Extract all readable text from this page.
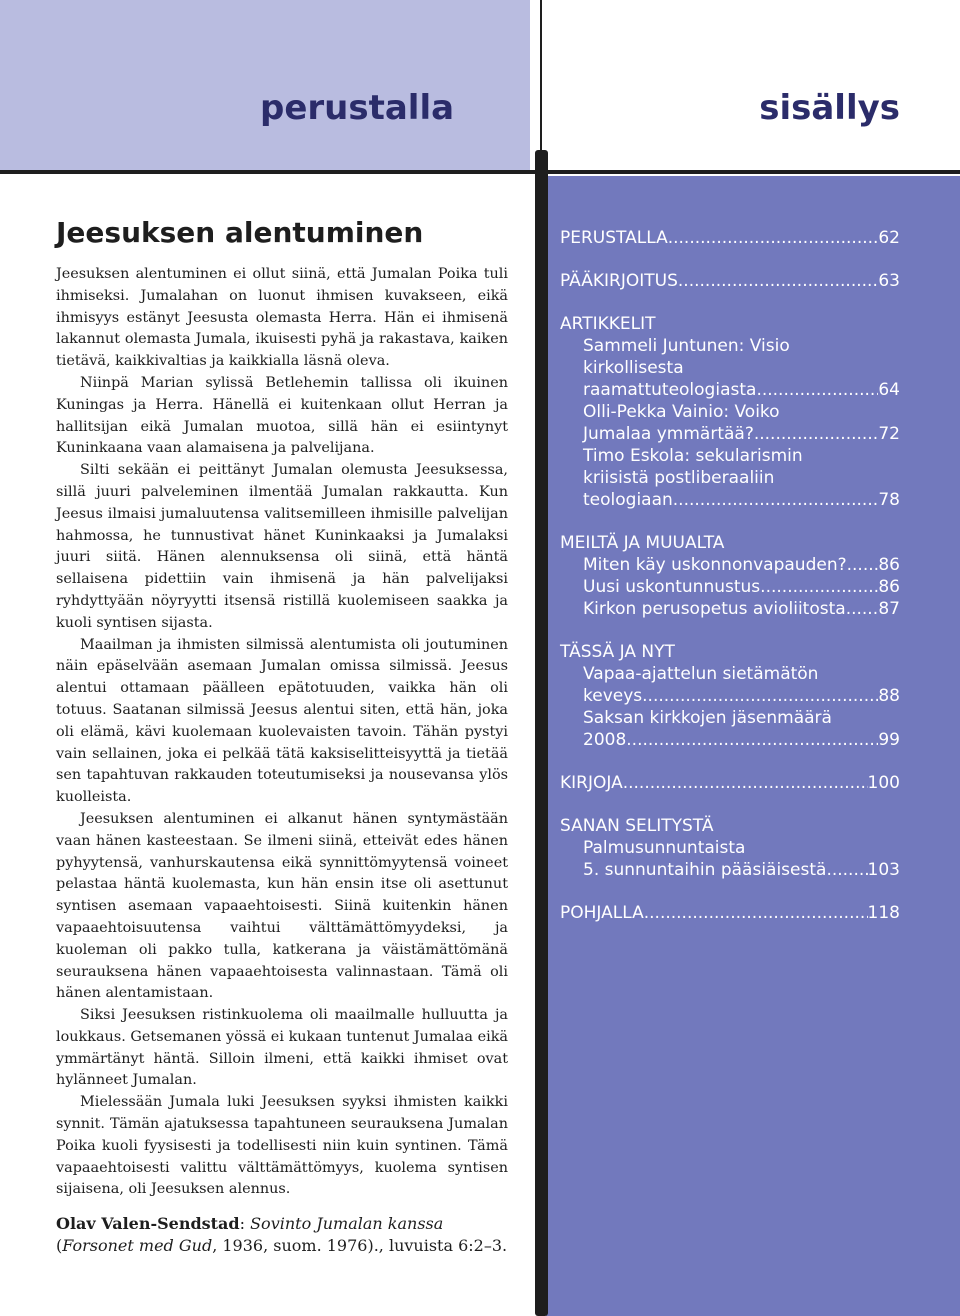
perustalla	sisällys
Jeesuksen alentuminen

Jeesuksen alentuminen ei ollut siinä, että Jumalan Poika tuli ihmiseksi. Jumalahan on luonut ihmisen kuvakseen, eikä ihmisyys estänyt Jeesusta olemasta Herra. Hän ei ihmisenä lakannut olemasta Jumala, ikuisesti pyhä ja rakastava, kaiken tietävä, kaikkivaltias ja kaikkialla läsnä oleva.

Niinpä Marian sylissä Betlehemin tallissa oli ikuinen Kuningas ja Herra. Hänellä ei kuitenkaan ollut Herran ja hallitsijan eikä Jumalan muotoa, sillä hän ei esiintynyt Kuninkaana vaan alamaisena ja palvelijana.

Silti sekään ei peittänyt Jumalan olemusta Jeesuksessa, sillä juuri palveleminen ilmentää Jumalan rakkautta. Kun Jeesus ilmaisi jumaluutensa valitsemilleen ihmisille palvelijan hahmossa, he tunnustivat hänet Kuninkaaksi ja Jumalaksi juuri siitä. Hänen alennuksensa oli siinä, että häntä sellaisena pidettiin vain ihmisenä ja hän palvelijaksi ryhdyttyään nöyryytti itsensä ristillä kuolemiseen saakka ja kuoli syntisen sijasta.

Maailman ja ihmisten silmissä alentumista oli joutuminen näin epäselvään asemaan Jumalan omissa silmissä. Jeesus alentui ottamaan päälleen epätotuuden, vaikka hän oli totuus. Saatanan silmissä Jeesus alentui siten, että hän, joka oli elämä, kävi kuolemaan kuolevaisten tavoin. Tähän pystyi vain sellainen, joka ei pelkää tätä kaksiselitteisyyttä ja tietää sen tapahtuvan rakkauden toteutumiseksi ja nousevansa ylös kuolleista.

Jeesuksen alentuminen ei alkanut hänen syntymästään vaan hänen kasteestaan. Se ilmeni siinä, etteivät edes hänen pyhyytensä, vanhurskautensa eikä synnittömyytensä voineet pelastaa häntä kuolemasta, kun hän ensin itse oli asettunut syntisen asemaan vapaaehtoisesti. Siinä kuitenkin hänen vapaaehtoisuutensa vaihtui välttämättömyydeksi, ja kuoleman oli pakko tulla, katkerana ja väistämättömänä seurauksena hänen vapaaehtoisesta valinnastaan. Tämä oli hänen alentamistaan.

Siksi Jeesuksen ristinkuolema oli maailmalle hulluutta ja loukkaus. Getsemanen yössä ei kukaan tuntenut Jumalaa eikä ymmärtänyt häntä. Silloin ilmeni, että kaikki ihmiset ovat hylänneet Jumalan.

Mielessään Jumala luki Jeesuksen syyksi ihmisten kaikki synnit. Tämän ajatuksessa tapahtuneen seurauksena Jumalan Poika kuoli fyysisesti ja todellisesti niin kuin syntinen. Tämä vapaaehtoisesti valittu välttämättömyys, kuolema syntisen sijaisena, oli Jeesuksen alennus.

Olav Valen-Sendstad: Sovinto Jumalan kanssa (Forsonet med Gud, 1936, suom. 1976)., luvuista 6:2–3.
PERUSTALLA .....	62
PÄÄKIRJOITUS .....	63
ARTIKKELIT
Sammeli Juntunen: Visio
kirkollisesta
raamattuteologiasta .....	64
Olli-Pekka Vainio: Voiko
Jumalaa ymmärtää? .....	72
Timo Eskola: sekularismin
kriisistä postliberaaliin
teologiaan .....	78
MEILTÄ JA MUUALTA
Miten käy uskonnonvapauden? ..... 86
Uusi uskontunnustus .....	86
Kirkon perusopetus avioliitosta ..... 87
TÄSSÄ JA NYT
Vapaa-ajattelun sietämätön
keveys .....	88
Saksan kirkkojen jäsenmäärä
2008 .....	99
KIRJOJA .....	100
SANAN SELITYSTÄ
Palmusunnuntaista
5. sunnuntaihin pääsiäisestä ..... 103
POHJALLA .....	118
